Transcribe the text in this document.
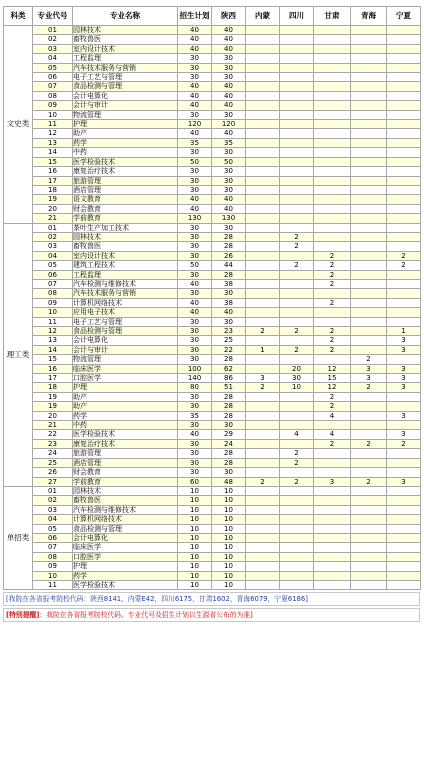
科类	专业代号	专业名称	招生计划	陕西	内蒙	四川	甘肃	青海	宁夏
文史类	01	园林技术	40	40					
	02	畜牧兽医	40	40					
	03	室内设计技术	40	40					
	04	工程监理	30	30					
	05	汽车技术服务与营销	30	30					
	06	电子工艺与管理	30	30					
	07	食品检测与管理	40	40					
	08	会计电算化	40	40					
	09	会计与审计	40	40					
	10	物流管理	30	30					
	11	护理	120	120					
	12	助产	40	40					
	13	药学	35	35					
	14	中药	30	30					
	15	医学检验技术	50	50					
	16	康复治疗技术	30	30					
	17	旅游管理	30	30					
	18	酒店管理	30	30					
	19	语文教育	40	40					
	20	财会教育	40	40					
	21	学前教育	130	130					
理工类	01	茶叶生产加工技术	30	30					
	02	园林技术	30	28		2			
	03	畜牧兽医	30	28		2			
	04	室内设计技术	30	26			2		2
	05	建筑工程技术	50	44		2	2		2
	06	工程监理	30	28			2		
	07	汽车检测与维修技术	40	38			2		
	08	汽车技术服务与营销	30	30					
	09	计算机网络技术	40	38			2		
	10	应用电子技术	40	40					
	11	电子工艺与管理	30	30					
	12	食品检测与管理	30	23	2	2	2		1
	13	会计电算化	30	25			2		3
	14	会计与审计	30	22	1	2	2		3
	15	物流管理	30	28				2	
	16	临床医学	100	62		20	12	3	3
	17	口腔医学	140	86	3	30	15	3	3
	18	护理	80	51	2	10	12	2	3
	19	助产	30	28			2		
	19	助产	30	28			2		
	20	药学	35	28			4		3
	21	中药	30	30					
	22	医学检验技术	40	29		4	4		3
	23	康复治疗技术	30	24			2	2	2
	24	旅游管理	30	28		2			
	25	酒店管理	30	28		2			
	26	财会教育	30	30					
	27	学前教育	60	48	2	2	3	2	3
单招类	01	园林技术	10	10					
	02	畜牧兽医	10	10					
	03	汽车检测与维修技术	10	10					
	04	计算机网络技术	10	10					
	05	食品检测与管理	10	10					
	06	会计电算化	10	10					
	07	临床医学	10	10					
	08	口腔医学	10	10					
	09	护理	10	10					
	10	药学	10	10					
	11	医学检验技术	10	10					
[我院在各省报考院校代码：陕西8141，内蒙E42，四川6175，甘肃1602，青海6079，宁夏6186]
[特别提醒]：我院在各省报考院校代码、专业代号及招生计划以生源省公布的为准]
